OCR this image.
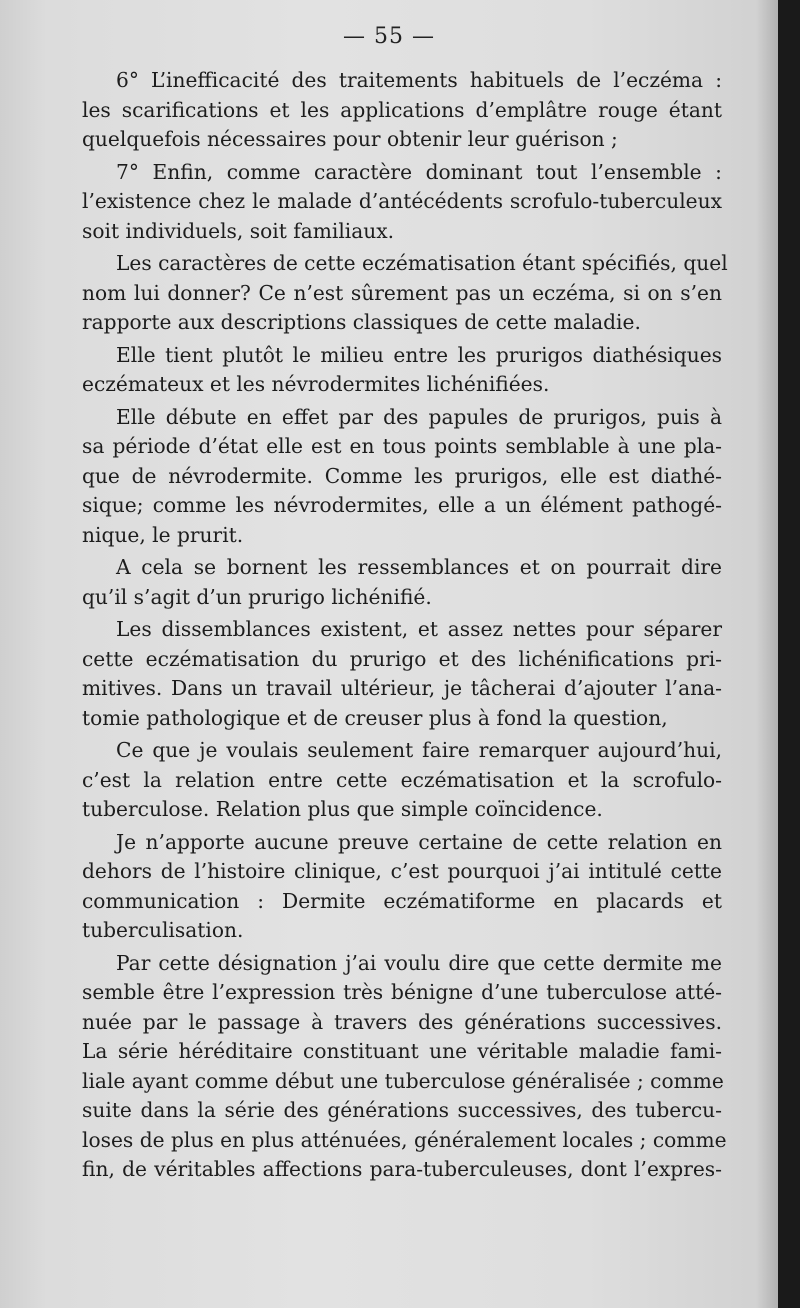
— 55 —
6° L’inefficacité des traitements habituels de l’eczéma :
les scarifications et les applications d’emplâtre rouge étant
quelquefois nécessaires pour obtenir leur guérison ;
7° Enfin, comme caractère dominant tout l’ensemble :
l’existence chez le malade d’antécédents scrofulo-tuberculeux
soit individuels, soit familiaux.
Les caractères de cette eczématisation étant spécifiés, quel
nom lui donner? Ce n’est sûrement pas un eczéma, si on s’en
rapporte aux descriptions classiques de cette maladie.
Elle tient plutôt le milieu entre les prurigos diathésiques
eczémateux et les névrodermites lichénifiées.
Elle débute en effet par des papules de prurigos, puis à
sa période d’état elle est en tous points semblable à une pla-
que de névrodermite. Comme les prurigos, elle est diathé-
sique; comme les névrodermites, elle a un élément pathogé-
nique, le prurit.
A cela se bornent les ressemblances et on pourrait dire
qu’il s’agit d’un prurigo lichénifié.
Les dissemblances existent, et assez nettes pour séparer
cette eczématisation du prurigo et des lichénifications pri-
mitives. Dans un travail ultérieur, je tâcherai d’ajouter l’ana-
tomie pathologique et de creuser plus à fond la question,
Ce que je voulais seulement faire remarquer aujourd’hui,
c’est la relation entre cette eczématisation et la scrofulo-
tuberculose. Relation plus que simple coïncidence.
Je n’apporte aucune preuve certaine de cette relation en
dehors de l’histoire clinique, c’est pourquoi j’ai intitulé cette
communication : Dermite eczématiforme en placards et
tuberculisation.
Par cette désignation j’ai voulu dire que cette dermite me
semble être l’expression très bénigne d’une tuberculose atté-
nuée par le passage à travers des générations successives.
La série héréditaire constituant une véritable maladie fami-
liale ayant comme début une tuberculose généralisée ; comme
suite dans la série des générations successives, des tubercu-
loses de plus en plus atténuées, généralement locales ; comme
fin, de véritables affections para-tuberculeuses, dont l’expres-
